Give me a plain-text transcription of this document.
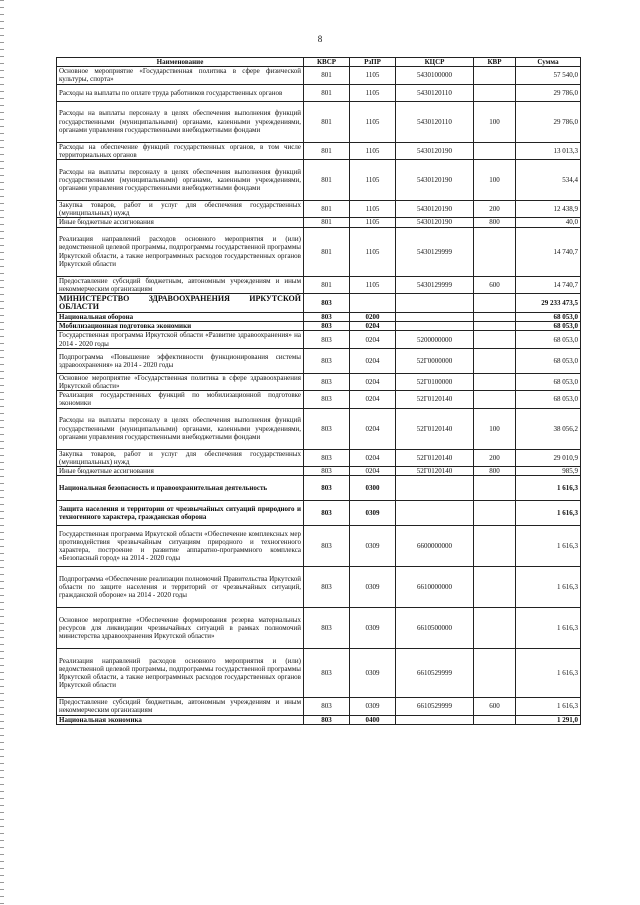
8
Наименование	КВСР	РзПР	КЦСР	КВР	Сумма
Основное мероприятие «Государственная политика в сфере физической культуры, спорта»	801	1105	5430100000		57 540,0
Расходы на выплаты по оплате труда работников государственных органов	801	1105	5430120110		29 786,0
Расходы на выплаты персоналу в целях обеспечения выполнения функций государственными (муниципальными) органами, казенными учреждениями, органами управления государственными внебюджетными фондами	801	1105	5430120110	100	29 786,0
Расходы на обеспечение функций государственных органов, в том числе территориальных органов	801	1105	5430120190		13 013,3
Расходы на выплаты персоналу в целях обеспечения выполнения функций государственными (муниципальными) органами, казенными учреждениями, органами управления государственными внебюджетными фондами	801	1105	5430120190	100	534,4
Закупка товаров, работ и услуг для обеспечения государственных (муниципальных) нужд	801	1105	5430120190	200	12 438,9
Иные бюджетные ассигнования	801	1105	5430120190	800	40,0
Реализация направлений расходов основного мероприятия и (или) ведомственной целевой программы, подпрограммы государственной программы Иркутской области, а также непрограммных расходов государственных органов Иркутской области	801	1105	5430129999		14 740,7
Предоставление субсидий бюджетным, автономным учреждениям и иным некоммерческим организациям	801	1105	5430129999	600	14 740,7
МИНИСТЕРСТВО ЗДРАВООХРАНЕНИЯ ИРКУТСКОЙ ОБЛАСТИ	803				29 233 473,5
Национальная оборона	803	0200			68 053,0
Мобилизационная подготовка экономики	803	0204			68 053,0
Государственная программа Иркутской области «Развитие здравоохранения» на 2014 - 2020 годы	803	0204	5200000000		68 053,0
Подпрограмма «Повышение эффективности функционирования системы здравоохранения» на 2014 - 2020 годы	803	0204	52Г0000000		68 053,0
Основное мероприятие «Государственная политика в сфере здравоохранения Иркутской области»	803	0204	52Г0100000		68 053,0
Реализация государственных функций по мобилизационной подготовке экономики	803	0204	52Г0120140		68 053,0
Расходы на выплаты персоналу в целях обеспечения выполнения функций государственными (муниципальными) органами, казенными учреждениями, органами управления государственными внебюджетными фондами	803	0204	52Г0120140	100	38 056,2
Закупка товаров, работ и услуг для обеспечения государственных (муниципальных) нужд	803	0204	52Г0120140	200	29 010,9
Иные бюджетные ассигнования	803	0204	52Г0120140	800	985,9
Национальная безопасность и правоохранительная деятельность	803	0300			1 616,3
Защита населения и территории от чрезвычайных ситуаций природного и техногенного характера, гражданская оборона	803	0309			1 616,3
Государственная программа Иркутской области «Обеспечение комплексных мер противодействия чрезвычайным ситуациям природного и техногенного характера, построение и развитие аппаратно-программного комплекса «Безопасный город» на 2014 - 2020 годы	803	0309	6600000000		1 616,3
Подпрограмма «Обеспечение реализации полномочий Правительства Иркутской области по защите населения и территорий от чрезвычайных ситуаций, гражданской обороне» на 2014 - 2020 годы	803	0309	6610000000		1 616,3
Основное мероприятие «Обеспечение формирования резерва материальных ресурсов для ликвидации чрезвычайных ситуаций в рамках полномочий министерства здравоохранения Иркутской области»	803	0309	6610500000		1 616,3
Реализация направлений расходов основного мероприятия и (или) ведомственной целевой программы, подпрограммы государственной программы Иркутской области, а также непрограммных расходов государственных органов Иркутской области	803	0309	6610529999		1 616,3
Предоставление субсидий бюджетным, автономным учреждениям и иным некоммерческим организациям	803	0309	6610529999	600	1 616,3
Национальная экономика	803	0400			1 291,0
